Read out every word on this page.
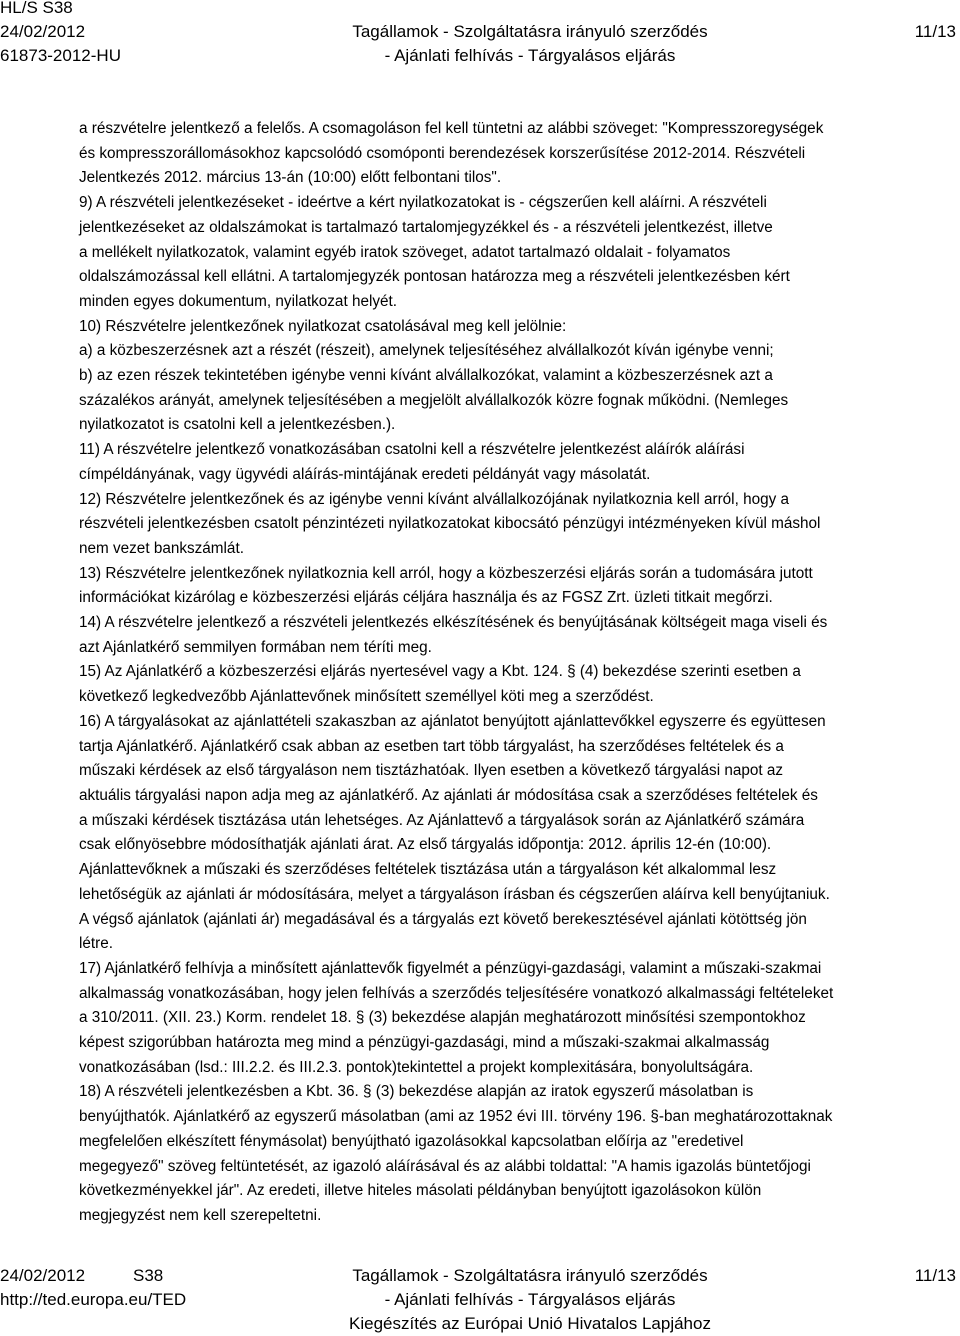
HL/S S38
24/02/2012
61873-2012-HU
Tagállamok - Szolgáltatásra irányuló szerződés
- Ajánlati felhívás - Tárgyalásos eljárás
11/13

a részvételre jelentkező a felelős. A csomagoláson fel kell tüntetni az alábbi szöveget: "Kompresszoregységek

és kompresszorállomásokhoz kapcsolódó csomóponti berendezések korszerűsítése 2012-2014. Részvételi

Jelentkezés 2012. március 13-án (10:00) előtt felbontani tilos".

9) A részvételi jelentkezéseket - ideértve a kért nyilatkozatokat is - cégszerűen kell aláírni. A részvételi

jelentkezéseket az oldalszámokat is tartalmazó tartalomjegyzékkel és - a részvételi jelentkezést, illetve

a mellékelt nyilatkozatok, valamint egyéb iratok szöveget, adatot tartalmazó oldalait - folyamatos

oldalszámozással kell ellátni. A tartalomjegyzék pontosan határozza meg a részvételi jelentkezésben kért

minden egyes dokumentum, nyilatkozat helyét.

10) Részvételre jelentkezőnek nyilatkozat csatolásával meg kell jelölnie:

a) a közbeszerzésnek azt a részét (részeit), amelynek teljesítéséhez alvállalkozót kíván igénybe venni;

b) az ezen részek tekintetében igénybe venni kívánt alvállalkozókat, valamint a közbeszerzésnek azt a

százalékos arányát, amelynek teljesítésében a megjelölt alvállalkozók közre fognak működni. (Nemleges

nyilatkozatot is csatolni kell a jelentkezésben.).

11) A részvételre jelentkező vonatkozásában csatolni kell a részvételre jelentkezést aláírók aláírási

címpéldányának, vagy ügyvédi aláírás-mintájának eredeti példányát vagy másolatát.

12) Részvételre jelentkezőnek és az igénybe venni kívánt alvállalkozójának nyilatkoznia kell arról, hogy a

részvételi jelentkezésben csatolt pénzintézeti nyilatkozatokat kibocsátó pénzügyi intézményeken kívül máshol

nem vezet bankszámlát.

13) Részvételre jelentkezőnek nyilatkoznia kell arról, hogy a közbeszerzési eljárás során a tudomására jutott

információkat kizárólag e közbeszerzési eljárás céljára használja és az FGSZ Zrt. üzleti titkait megőrzi.

14) A részvételre jelentkező a részvételi jelentkezés elkészítésének és benyújtásának költségeit maga viseli és

azt Ajánlatkérő semmilyen formában nem téríti meg.

15) Az Ajánlatkérő a közbeszerzési eljárás nyertesével vagy a Kbt. 124. § (4) bekezdése szerinti esetben a

következő legkedvezőbb Ajánlattevőnek minősített személlyel köti meg a szerződést.

16) A tárgyalásokat az ajánlattételi szakaszban az ajánlatot benyújtott ajánlattevőkkel egyszerre és együttesen

tartja Ajánlatkérő. Ajánlatkérő csak abban az esetben tart több tárgyalást, ha szerződéses feltételek és a

műszaki kérdések az első tárgyaláson nem tisztázhatóak. Ilyen esetben a következő tárgyalási napot az

aktuális tárgyalási napon adja meg az ajánlatkérő. Az ajánlati ár módosítása csak a szerződéses feltételek és

a műszaki kérdések tisztázása után lehetséges. Az Ajánlattevő a tárgyalások során az Ajánlatkérő számára

csak előnyösebbre módosíthatják ajánlati árat. Az első tárgyalás időpontja: 2012. április 12-én (10:00).

Ajánlattevőknek a műszaki és szerződéses feltételek tisztázása után a tárgyaláson két alkalommal lesz

lehetőségük az ajánlati ár módosítására, melyet a tárgyaláson írásban és cégszerűen aláírva kell benyújtaniuk.

A végső ajánlatok (ajánlati ár) megadásával és a tárgyalás ezt követő berekesztésével ajánlati kötöttség jön

létre.

17) Ajánlatkérő felhívja a minősített ajánlattevők figyelmét a pénzügyi-gazdasági, valamint a műszaki-szakmai

alkalmasság vonatkozásában, hogy jelen felhívás a szerződés teljesítésére vonatkozó alkalmassági feltételeket

a 310/2011. (XII. 23.) Korm. rendelet 18. § (3) bekezdése alapján meghatározott minősítési szempontokhoz

képest szigorúbban határozta meg mind a pénzügyi-gazdasági, mind a műszaki-szakmai alkalmasság

vonatkozásában (lsd.: III.2.2. és III.2.3. pontok)tekintettel a projekt komplexitására, bonyolultságára.

18) A részvételi jelentkezésben a Kbt. 36. § (3) bekezdése alapján az iratok egyszerű másolatban is

benyújthatók. Ajánlatkérő az egyszerű másolatban (ami az 1952 évi III. törvény 196. §-ban meghatározottaknak

megfelelően elkészített fénymásolat) benyújtható igazolásokkal kapcsolatban előírja az "eredetivel

megegyező" szöveg feltüntetését, az igazoló aláírásával és az alábbi toldattal: "A hamis igazolás büntetőjogi

következményekkel jár". Az eredeti, illetve hiteles másolati példányban benyújtott igazolásokon külön

megjegyzést nem kell szerepeltetni.

24/02/2012	S38
http://ted.europa.eu/TED
Tagállamok - Szolgáltatásra irányuló szerződés
- Ajánlati felhívás - Tárgyalásos eljárás
Kiegészítés az Európai Unió Hivatalos Lapjához
11/13
